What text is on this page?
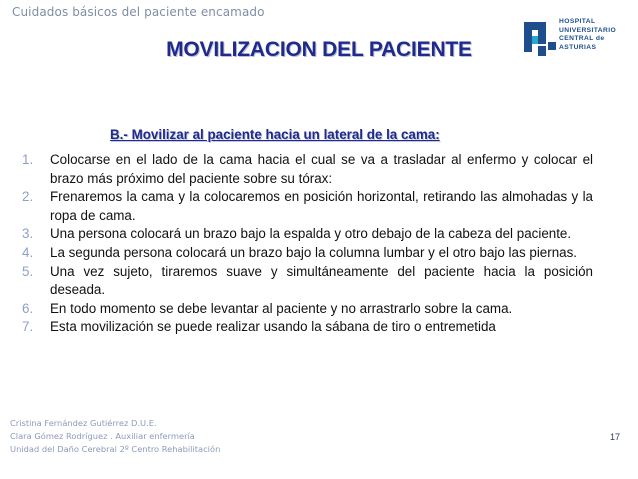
Cuidados básicos del paciente encamado
MOVILIZACION DEL PACIENTE
HOSPITAL
UNIVERSITARIO
CENTRAL de
ASTURIAS
B.- Movilizar al paciente hacia un lateral de la cama:
1. Colocarse en el lado de la cama hacia el cual se va a trasladar al enfermo y colocar el brazo más próximo del paciente sobre su tórax:
2. Frenaremos la cama y la colocaremos en posición horizontal, retirando las almohadas y la ropa de cama.
3. Una persona colocará un brazo bajo la espalda y otro debajo de la cabeza del paciente.
4. La segunda persona colocará un brazo bajo la columna lumbar y el otro bajo las piernas.
5. Una vez sujeto, tiraremos suave y simultáneamente del paciente hacia la posición deseada.
6. En todo momento se debe levantar al paciente y no arrastrarlo sobre la cama.
7. Esta movilización se puede realizar usando la sábana de tiro o entremetida
Cristina Fernández Gutiérrez D.U.E.
Clara Gómez Rodríguez . Auxiliar enfermería
Unidad del Daño Cerebral 2º Centro Rehabilitación
17
